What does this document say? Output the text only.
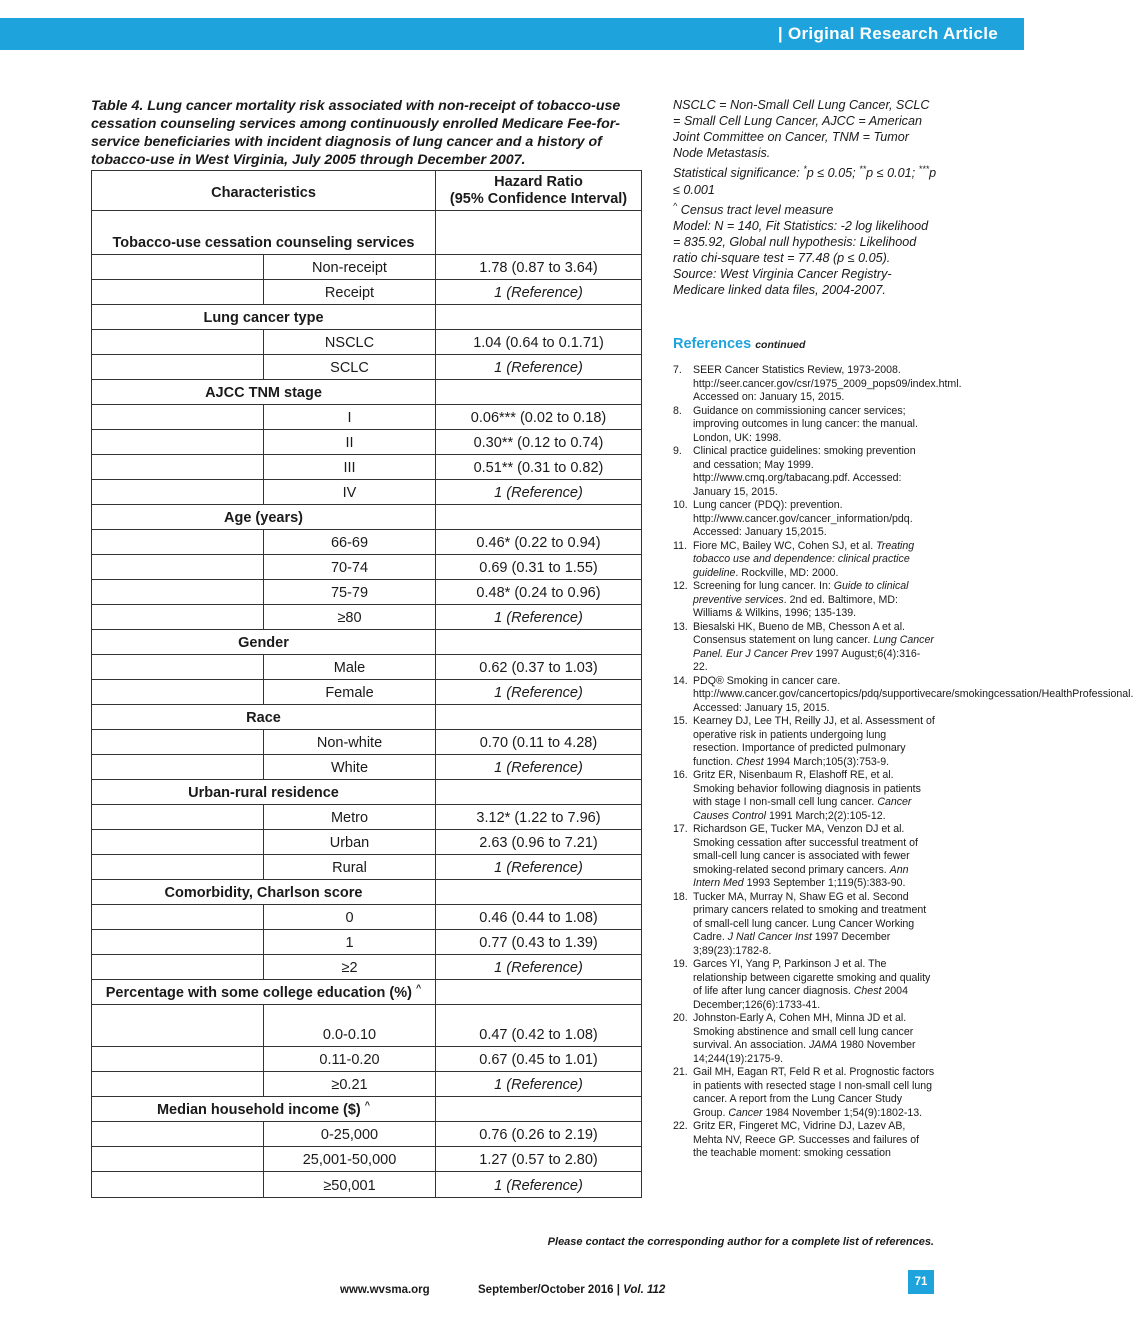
| Original Research Article
Table 4. Lung cancer mortality risk associated with non-receipt of tobacco-use cessation counseling services among continuously enrolled Medicare Fee-for-service beneficiaries with incident diagnosis of lung cancer and a history of tobacco-use in West Virginia, July 2005 through December 2007.
Characteristics		Hazard Ratio
(95% Confidence Interval)

Tobacco-use cessation counseling services		
	Non-receipt	1.78 (0.87 to 3.64)
	Receipt	1 (Reference)
Lung cancer type		
	NSCLC	1.04 (0.64 to 0.1.71)
	SCLC	1 (Reference)
AJCC TNM stage		
	I	0.06*** (0.02 to 0.18)
	II	0.30** (0.12 to 0.74)
	III	0.51** (0.31 to 0.82)
	IV	1 (Reference)
Age (years)		
	66-69	0.46* (0.22 to 0.94)
	70-74	0.69 (0.31 to 1.55)
	75-79	0.48* (0.24 to 0.96)
	≥80	1 (Reference)
Gender		
	Male	0.62 (0.37 to 1.03)
	Female	1 (Reference)
Race		
	Non-white	0.70 (0.11 to 4.28)
	White	1 (Reference)
Urban-rural residence		
	Metro	3.12* (1.22 to 7.96)
	Urban	2.63 (0.96 to 7.21)
	Rural	1 (Reference)
Comorbidity, Charlson score		
	0	0.46 (0.44 to 1.08)
	1	0.77 (0.43 to 1.39)
	≥2	1 (Reference)
Percentage with some college education (%) ^	
	0.0-0.10	0.47 (0.42 to 1.08)
	0.11-0.20	0.67 (0.45 to 1.01)
	≥0.21	1 (Reference)
Median household income ($) ^	
	0-25,000	0.76 (0.26 to 2.19)
	25,001-50,000	1.27 (0.57 to 2.80)
	≥50,001	1 (Reference)
NSCLC = Non-Small Cell Lung Cancer, SCLC = Small Cell Lung Cancer, AJCC = American Joint Committee on Cancer, TNM = Tumor Node Metastasis.
Statistical significance: *p ≤ 0.05; **p ≤ 0.01; ***p ≤ 0.001
^ Census tract level measure
Model: N = 140, Fit Statistics: -2 log likelihood = 835.92, Global null hypothesis: Likelihood ratio chi-square test = 77.48 (p ≤ 0.05).
Source: West Virginia Cancer Registry-Medicare linked data files, 2004-2007.
References continued
7.	SEER Cancer Statistics Review, 1973-2008. http://seer.cancer.gov/csr/1975_2009_pops09/index.html. Accessed on: January 15, 2015.
8.	Guidance on commissioning cancer services; improving outcomes in lung cancer: the manual. London, UK: 1998.
9.	Clinical practice guidelines: smoking prevention and cessation; May 1999. http://www.cmq.org/tabacang.pdf. Accessed: January 15, 2015.
10. Lung cancer (PDQ): prevention. http://www.cancer.gov/cancer_information/pdq. Accessed: January 15,2015.
11. Fiore MC, Bailey WC, Cohen SJ, et al. Treating tobacco use and dependence: clinical practice guideline. Rockville, MD: 2000.
12. Screening for lung cancer. In: Guide to clinical preventive services. 2nd ed. Baltimore, MD: Williams & Wilkins, 1996; 135-139.
13. Biesalski HK, Bueno de MB, Chesson A et al. Consensus statement on lung cancer. Lung Cancer Panel. Eur J Cancer Prev 1997 August;6(4):316-22.
14. PDQ® Smoking in cancer care. http://www.cancer.gov/cancertopics/pdq/supportivecare/smokingcessation/HealthProfessional. Accessed: January 15, 2015.
15. Kearney DJ, Lee TH, Reilly JJ, et al. Assessment of operative risk in patients undergoing lung resection. Importance of predicted pulmonary function. Chest 1994 March;105(3):753-9.
16. Gritz ER, Nisenbaum R, Elashoff RE, et al. Smoking behavior following diagnosis in patients with stage I non-small cell lung cancer. Cancer Causes Control 1991 March;2(2):105-12.
17. Richardson GE, Tucker MA, Venzon DJ et al. Smoking cessation after successful treatment of small-cell lung cancer is associated with fewer smoking-related second primary cancers. Ann Intern Med 1993 September 1;119(5):383-90.
18. Tucker MA, Murray N, Shaw EG et al. Second primary cancers related to smoking and treatment of small-cell lung cancer. Lung Cancer Working Cadre. J Natl Cancer Inst 1997 December 3;89(23):1782-8.
19. Garces YI, Yang P, Parkinson J et al. The relationship between cigarette smoking and quality of life after lung cancer diagnosis. Chest 2004 December;126(6):1733-41.
20. Johnston-Early A, Cohen MH, Minna JD et al. Smoking abstinence and small cell lung cancer survival. An association. JAMA 1980 November 14;244(19):2175-9.
21. Gail MH, Eagan RT, Feld R et al. Prognostic factors in patients with resected stage I non-small cell lung cancer. A report from the Lung Cancer Study Group. Cancer 1984 November 1;54(9):1802-13.
22. Gritz ER, Fingeret MC, Vidrine DJ, Lazev AB, Mehta NV, Reece GP. Successes and failures of the teachable moment: smoking cessation
Please contact the corresponding author for a complete list of references.
www.wvsma.org	September/October 2016 | Vol. 112
71
